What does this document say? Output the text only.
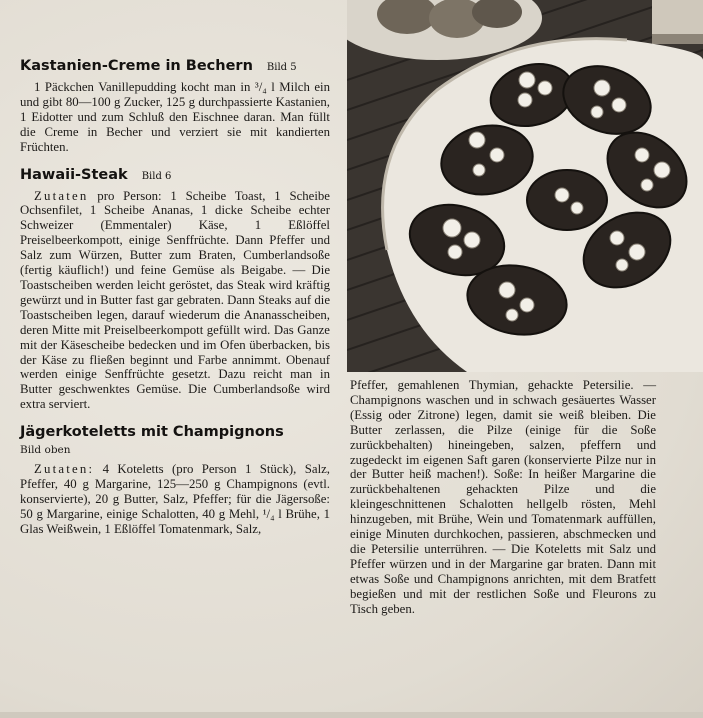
Kastanien-Creme in Bechern Bild 5

1 Päckchen Vanillepudding kocht man in ³/₄ l Milch ein und gibt 80—100 g Zucker, 125 g durchpassierte Kastanien, 1 Eidotter und zum Schluß den Eischnee daran. Man füllt die Creme in Becher und verziert sie mit kandierten Früchten.

Hawaii-Steak Bild 6

Zutaten pro Person: 1 Scheibe Toast, 1 Scheibe Ochsenfilet, 1 Scheibe Ananas, 1 dicke Scheibe echter Schweizer (Emmentaler) Käse, 1 Eßlöffel Preiselbeerkompott, einige Senffrüchte. Dann Pfeffer und Salz zum Würzen, Butter zum Braten, Cumberlandsoße (fertig käuflich!) und feine Gemüse als Beigabe. — Die Toastscheiben werden leicht geröstet, das Steak wird kräftig gewürzt und in Butter fast gar gebraten. Dann Steaks auf die Toastscheiben legen, darauf wiederum die Ananasscheiben, deren Mitte mit Preiselbeerkompott gefüllt wird. Das Ganze mit der Käsescheibe bedecken und im Ofen überbacken, bis der Käse zu fließen beginnt und Farbe annimmt. Obenauf werden einige Senffrüchte gesetzt. Dazu reicht man in Butter geschwenktes Gemüse. Die Cumberlandsoße wird extra serviert.

Jägerkoteletts mit Champignons
Bild oben

Zutaten: 4 Koteletts (pro Person 1 Stück), Salz, Pfeffer, 40 g Margarine, 125—250 g Champignons (evtl. konservierte), 20 g Butter, Salz, Pfeffer; für die Jägersoße: 50 g Margarine, einige Schalotten, 40 g Mehl, ¹/₄ l Brühe, 1 Glas Weißwein, 1 Eßlöffel Tomatenmark, Salz,

Pfeffer, gemahlenen Thymian, gehackte Petersilie. — Champignons waschen und in schwach gesäuertes Wasser (Essig oder Zitrone) legen, damit sie weiß bleiben. Die Butter zerlassen, die Pilze (einige für die Soße zurückbehalten) hineingeben, salzen, pfeffern und zugedeckt im eigenen Saft garen (konservierte Pilze nur in der Butter heiß machen!). Soße: In heißer Margarine die zurückbehaltenen gehackten Pilze und die kleingeschnittenen Schalotten hellgelb rösten, Mehl hinzugeben, mit Brühe, Wein und Tomatenmark auffüllen, einige Minuten durchkochen, passieren, abschmecken und die Petersilie unterrühren. — Die Koteletts mit Salz und Pfeffer würzen und in der Margarine gar braten. Dann mit etwas Soße und Champignons anrichten, mit dem Bratfett begießen und mit der restlichen Soße und Fleurons zu Tisch geben.
